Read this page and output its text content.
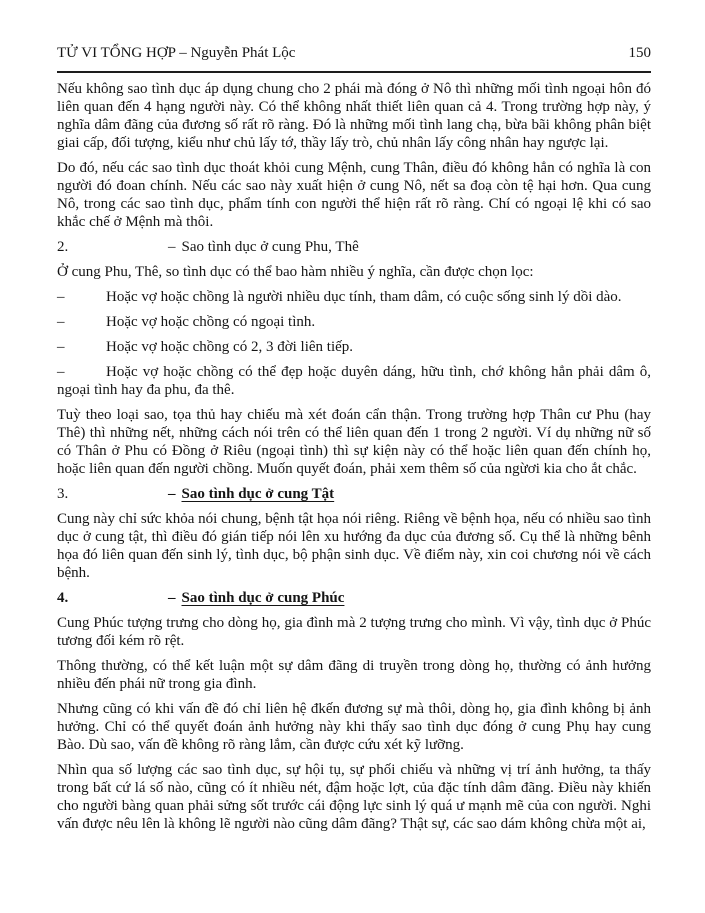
TỬ VI TỔNG HỢP – Nguyễn Phát Lộc	150

Nếu không sao tình dục áp dụng chung cho 2 phái mà đóng ở Nô thì những mối tình ngoại hôn đó liên quan đến 4 hạng người này. Có thể không nhất thiết liên quan cả 4. Trong trường hợp này, ý nghĩa dâm đãng của đương số rất rõ ràng. Đó là những mối tình lang chạ, bừa bãi không phân biệt giai cấp, đối tượng, kiểu như chủ lấy tớ, thầy lấy trò, chủ nhân lấy công nhân hay ngược lại.

Do đó, nếu các sao tình dục thoát khỏi cung Mệnh, cung Thân, điều đó không hẳn có nghĩa là con người đó đoan chính. Nếu các sao này xuất hiện ở cung Nô, nết sa đoạ còn tệ hại hơn. Qua cung Nô, trong các sao tình dục, phẩm tính con người thể hiện rất rõ ràng. Chí có ngoại lệ khi có sao khắc chế ở Mệnh mà thôi.

2.	– Sao tình dục ở cung Phu, Thê

Ở cung Phu, Thê, so tình dục có thể bao hàm nhiều ý nghĩa, cần được chọn lọc:

–	Hoặc vợ hoặc chồng là người nhiều dục tính, tham dâm, có cuộc sống sinh lý dồi dào.

–	Hoặc vợ hoặc chồng có ngoại tình.

–	Hoặc vợ hoặc chồng có 2, 3 đời liên tiếp.

–	Hoặc vợ hoặc chồng có thể đẹp hoặc duyên dáng, hữu tình, chớ không hẳn phải dâm ô, ngoại tình hay đa phu, đa thê.

Tuỳ theo loại sao, tọa thủ hay chiếu mà xét đoán cẩn thận. Trong trường hợp Thân cư Phu (hay Thê) thì những nết, những cách nói trên có thể liên quan đến 1 trong 2 người. Ví dụ những nữ số có Thân ở Phu có Đồng ở Riêu (ngoại tình) thì sự kiện này có thể hoặc liên quan đến chính họ, hoặc liên quan đến người chồng. Muốn quyết đoán, phải xem thêm số của ngừơi kia cho ắt chắc.

3.	– Sao tình dục ở cung Tật

Cung này chỉ sức khỏa nói chung, bệnh tật họa nói riêng. Riêng về bệnh họa, nếu có nhiều sao tình dục ở cung tật, thì điều đó gián tiếp nói lên xu hướng đa dục của đương số. Cụ thể là những bênh họa đó liên quan đến sinh lý, tình dục, bộ phận sinh dục. Về điểm này, xin coi chương nói về cách bệnh.

4.	– Sao tình dục ở cung Phúc

Cung Phúc tượng trưng cho dòng họ, gia đình mà 2 tượng trưng cho mình. Vì vậy, tình dục ở Phúc tương đối kém rõ rệt.

Thông thường, có thể kết luận một sự dâm đãng di truyền trong dòng họ, thường có ảnh hưởng nhiều đến phái nữ trong gia đình.

Nhưng cũng có khi vấn đề đó chỉ liên hệ đkến đương sự mà thôi, dòng họ, gia đình không bị ảnh hưởng. Chỉ có thể quyết đoán ảnh hưởng này khi thấy sao tình dục đóng ở cung Phụ hay cung Bào. Dù sao, vấn đề không rõ ràng lắm, cần được cứu xét kỹ lưỡng.

Nhìn qua số lượng các sao tình dục, sự hội tụ, sự phối chiếu và những vị trí ảnh hưởng, ta thấy trong bất cứ lá số nào, cũng có ít nhiều nét, đậm hoặc lợt, của đặc tính dâm đãng. Điều này khiến cho người bàng quan phải sửng sốt trước cái động lực sinh lý quá ư mạnh mẽ của con người. Nghi vấn được nêu lên là không lẽ người nào cũng dâm đãng? Thật sự, các sao dám không chừa một ai,
